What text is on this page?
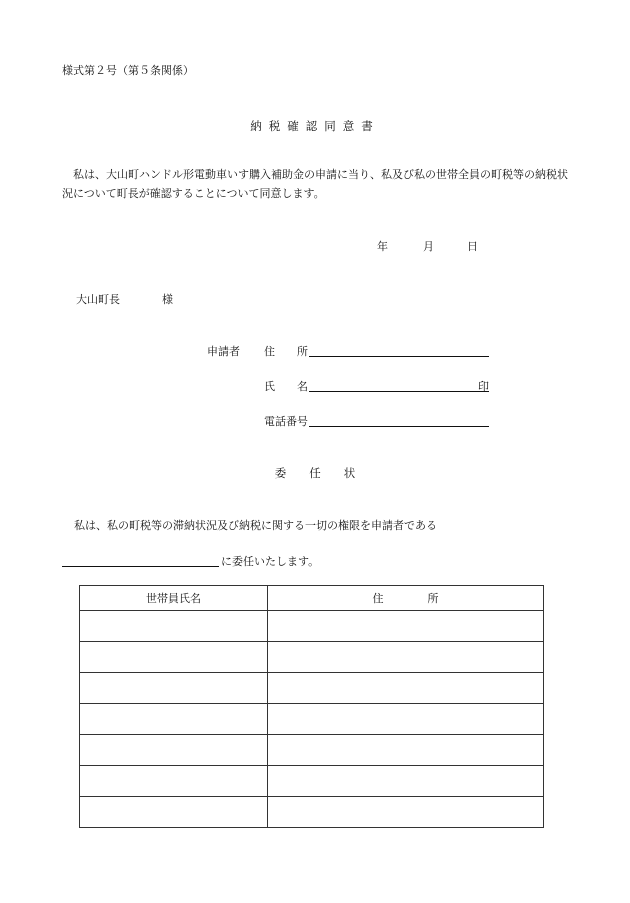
様式第２号（第５条関係）
納税確認同意書
私は、大山町ハンドル形電動車いす購入補助金の申請に当り、私及び私の世帯全員の町税等の納税状況について町長が確認することについて同意します。
年	月	日
大山町長	様
申請者 住　　所
氏　　名	印
電話番号
委　　任　　状
私は、私の町税等の滞納状況及び納税に関する一切の権限を申請者である
に委任いたします。
世帯員氏名	住　　　　所
